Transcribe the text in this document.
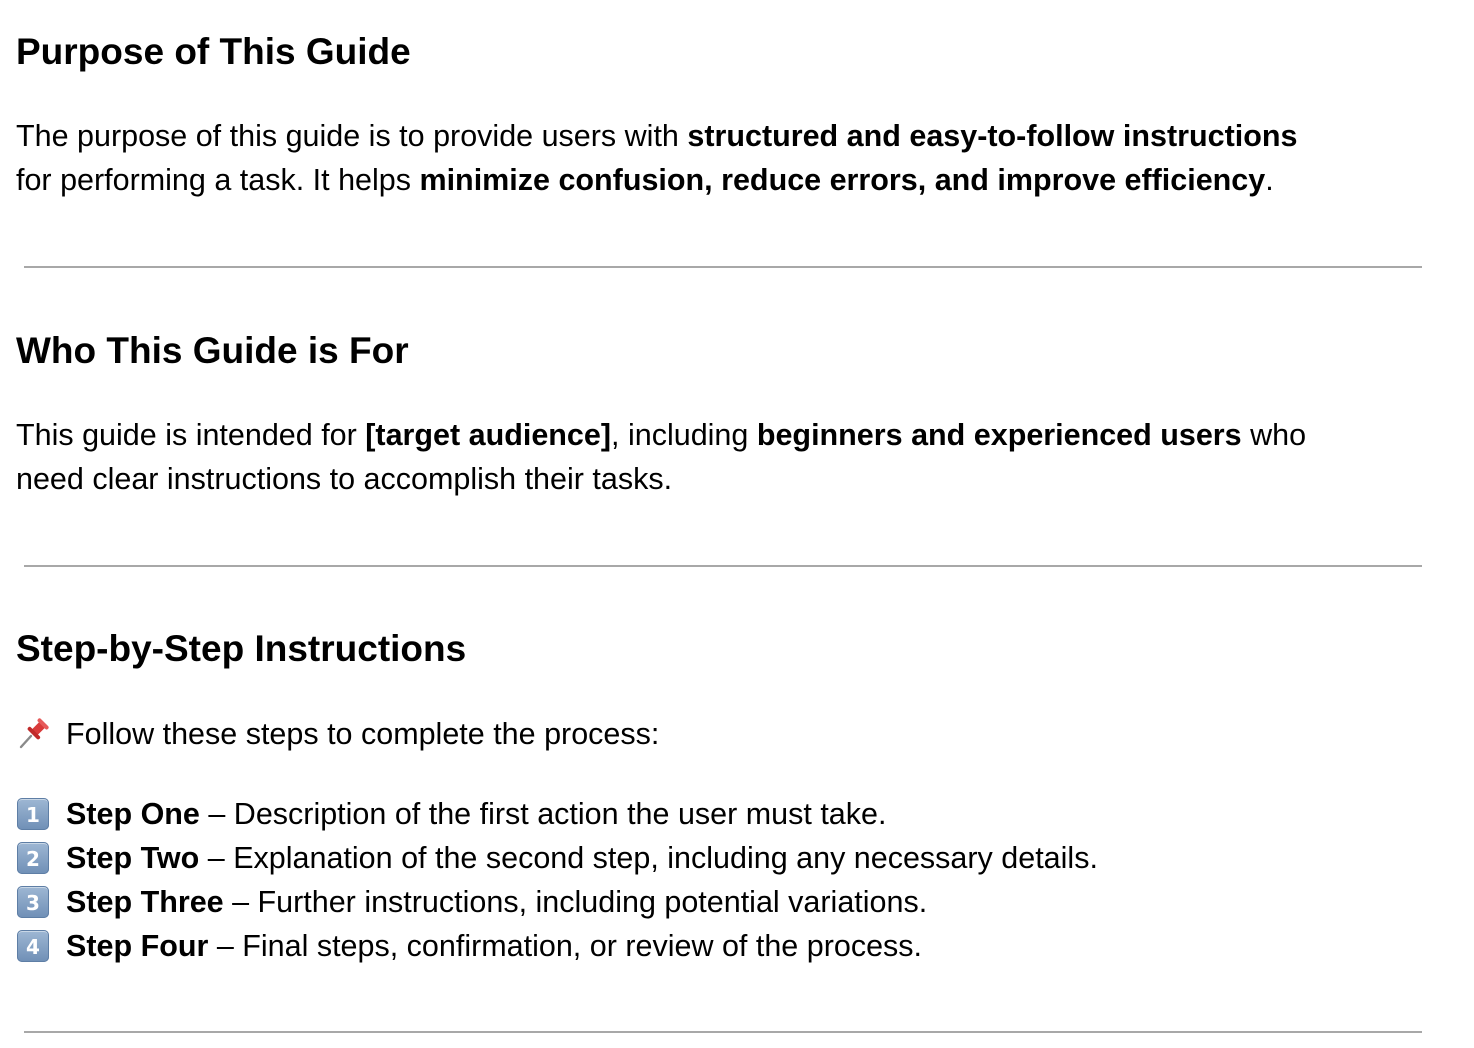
Purpose of This Guide

The purpose of this guide is to provide users with structured and easy-to-follow instructions

for performing a task. It helps minimize confusion, reduce errors, and improve efficiency.

Who This Guide is For

This guide is intended for [target audience], including beginners and experienced users who

need clear instructions to accomplish their tasks.

Step-by-Step Instructions
Follow these steps to complete the process:
1 Step One – Description of the first action the user must take.
2 Step Two – Explanation of the second step, including any necessary details.
3 Step Three – Further instructions, including potential variations.
4 Step Four – Final steps, confirmation, or review of the process.
